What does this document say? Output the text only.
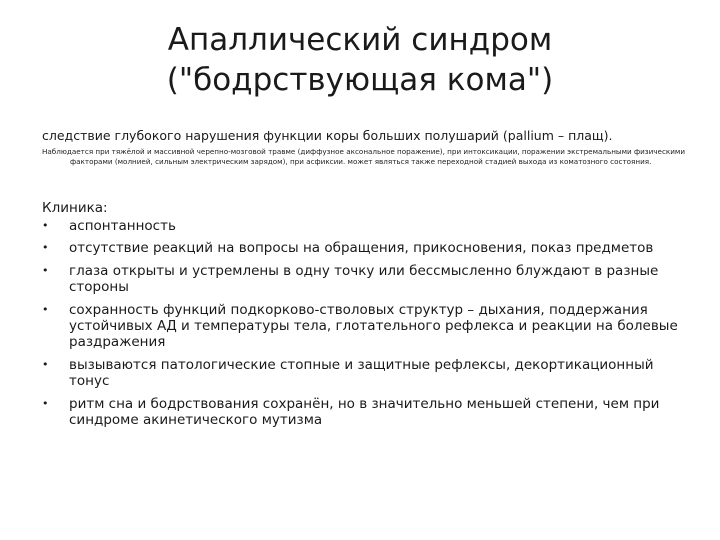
Апаллический синдром
("бодрствующая кома")

следствие глубокого нарушения функции коры больших полушарий (pallium – плащ).

Наблюдается при тяжёлой и массивной черепно-мозговой травме (диффузное аксональное поражение), при интоксикации, поражении экстремальными физическими факторами (молнией, сильным электрическим зарядом), при асфиксии. может являться также переходной стадией выхода из коматозного состояния.

Клиника:

• аспонтанность
• отсутствие реакций на вопросы на обращения, прикосновения, показ предметов
• глаза открыты и устремлены в одну точку или бессмысленно блуждают в разные стороны
• сохранность функций подкорково-стволовых структур – дыхания, поддержания устойчивых АД и температуры тела, глотательного рефлекса и реакции на болевые раздражения
• вызываются патологические стопные и защитные рефлексы, декортикационный тонус
• ритм сна и бодрствования сохранён, но в значительно меньшей степени, чем при синдроме акинетического мутизма
